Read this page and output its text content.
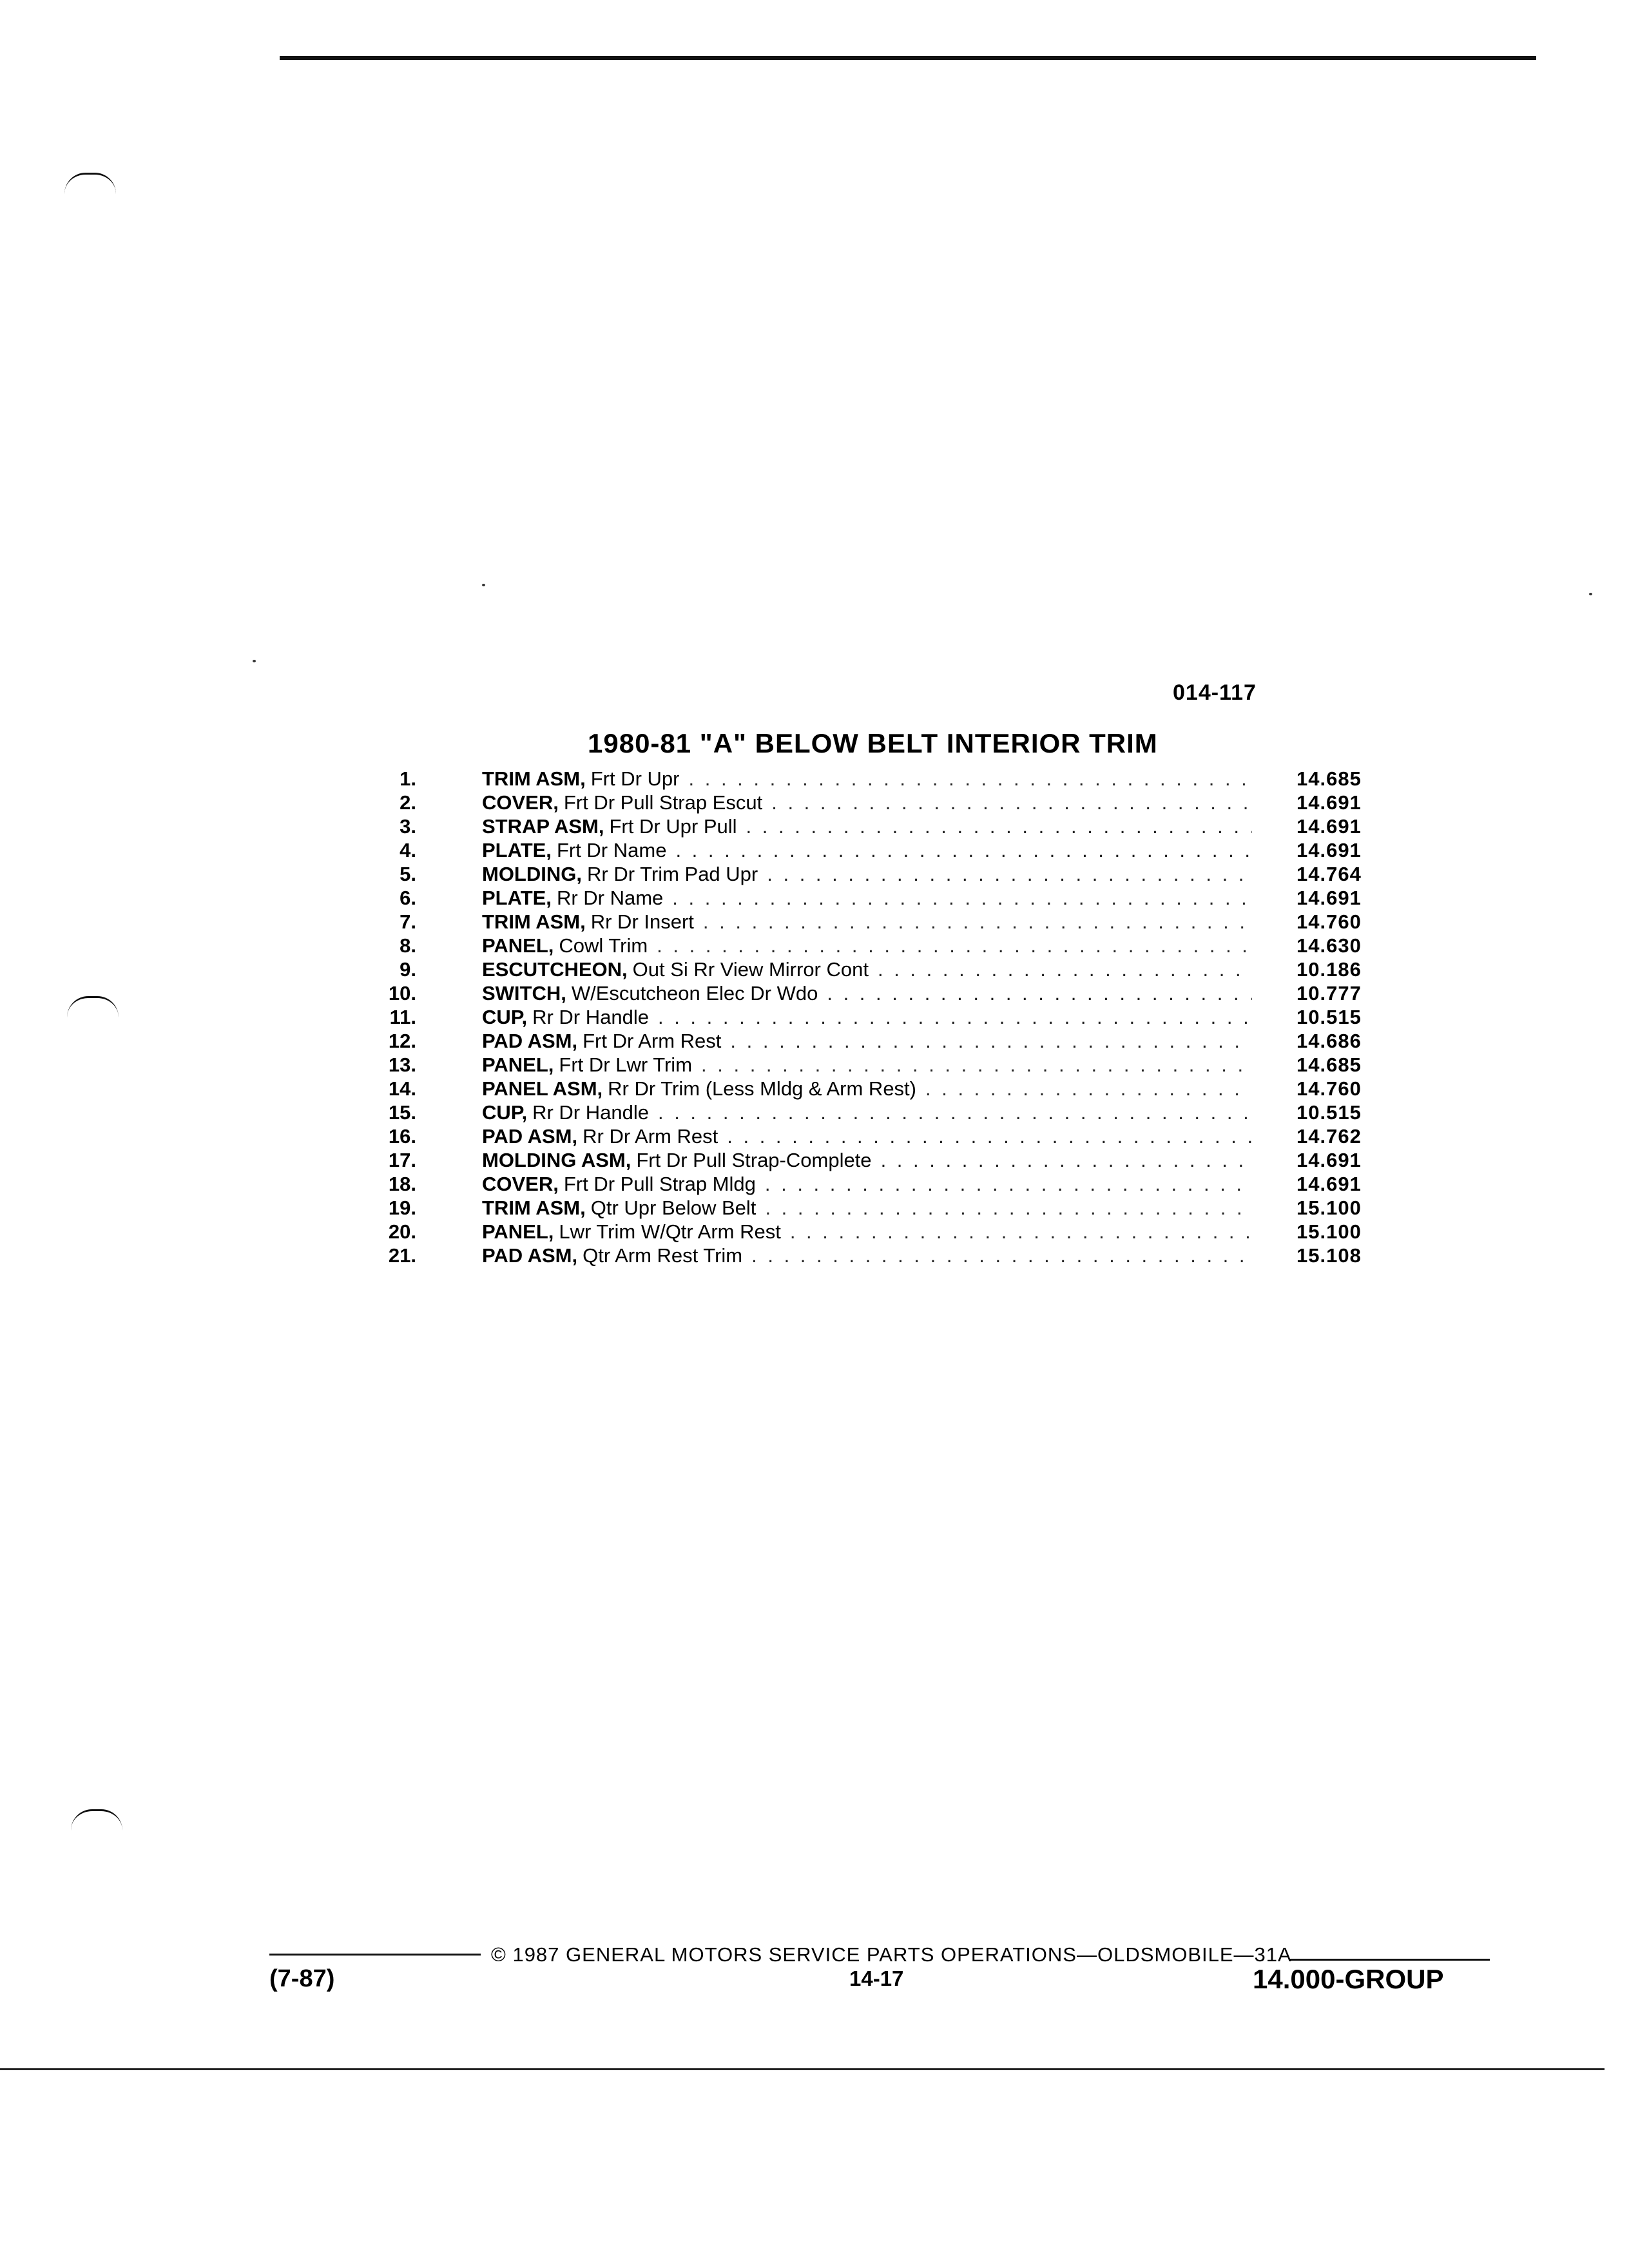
014-117
1980-81 "A" BELOW BELT INTERIOR TRIM
1.	TRIM ASM, Frt Dr Upr . . .	14.685
2.	COVER, Frt Dr Pull Strap Escut . . .	14.691
3.	STRAP ASM, Frt Dr Upr Pull . . .	14.691
4.	PLATE, Frt Dr Name . . .	14.691
5.	MOLDING, Rr Dr Trim Pad Upr . . .	14.764
6.	PLATE, Rr Dr Name . . .	14.691
7.	TRIM ASM, Rr Dr Insert . . .	14.760
8.	PANEL, Cowl Trim . . .	14.630
9.	ESCUTCHEON, Out Si Rr View Mirror Cont . . .	10.186
10.	SWITCH, W/Escutcheon Elec Dr Wdo . . .	10.777
11.	CUP, Rr Dr Handle . . .	10.515
12.	PAD ASM, Frt Dr Arm Rest . . .	14.686
13.	PANEL, Frt Dr Lwr Trim . . .	14.685
14.	PANEL ASM, Rr Dr Trim (Less Mldg & Arm Rest) . . .	14.760
15.	CUP, Rr Dr Handle . . .	10.515
16.	PAD ASM, Rr Dr Arm Rest . . .	14.762
17.	MOLDING ASM, Frt Dr Pull Strap-Complete . . .	14.691
18.	COVER, Frt Dr Pull Strap Mldg . . .	14.691
19.	TRIM ASM, Qtr Upr Below Belt . . .	15.100
20.	PANEL, Lwr Trim W/Qtr Arm Rest . . .	15.100
21.	PAD ASM, Qtr Arm Rest Trim . . .	15.108
© 1987 GENERAL MOTORS SERVICE PARTS OPERATIONS—OLDSMOBILE—31A
(7-87)	14-17	14.000-GROUP
